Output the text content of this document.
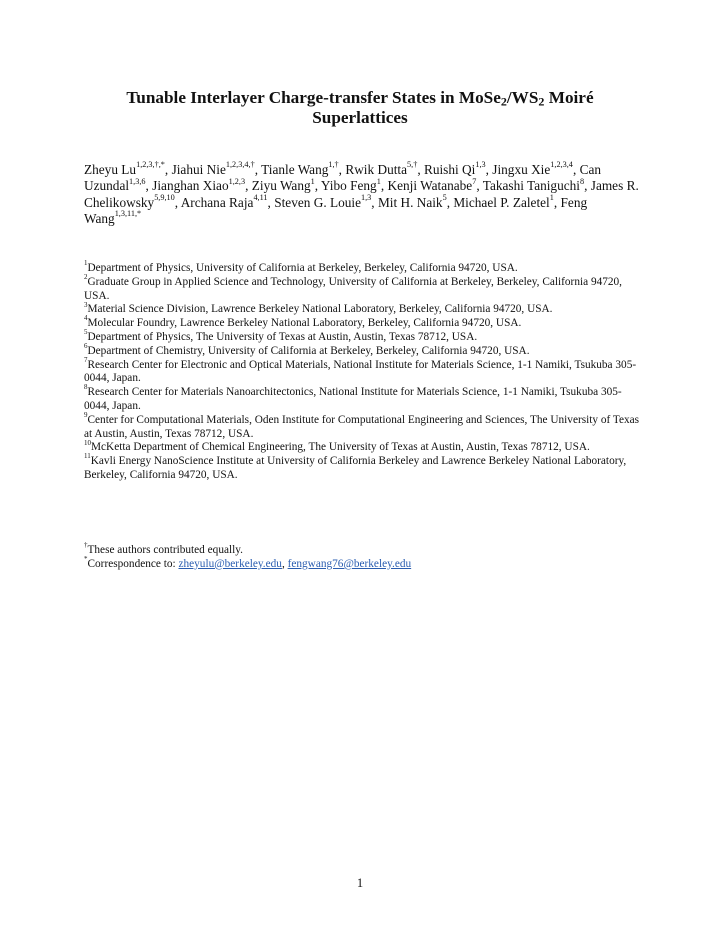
Tunable Interlayer Charge-transfer States in $MoSe_2/WS_2$ Moiré
Superlattices
Zheyu $Lu^{1,2,3,\dagger,*}$, Jiahui Nie$^{1,2,3,4,\dagger}$, Tianle Wang$^{1,\dagger}$, Rwik Dutta$^{5,\dagger}$, Ruishi Qi$^{1,3}$, Jingxu Xie$^{1,2,3,4}$, Can Uzundal$^{1,3,6}$, Jianghan Xiao$^{1,2,3}$, Ziyu Wang$^1$, Yibo Feng$^1$, Kenji Watanabe$^7$, Takashi Taniguchi$^8$, James R. Chelikowsky$^{5,9,10}$, Archana Raja$^{4,11}$, Steven G. Louie$^{1,3}$, Mit H. Naik$^5$, Michael P. Zaletel$^1$, Feng Wang$^{1,3,11,*}$
$^1$Department of Physics, University of California at Berkeley, Berkeley, California 94720, USA.
$^2$Graduate Group in Applied Science and Technology, University of California at Berkeley, Berkeley, California 94720, USA.
$^3$Material Science Division, Lawrence Berkeley National Laboratory, Berkeley, California 94720, USA.
$^4$Molecular Foundry, Lawrence Berkeley National Laboratory, Berkeley, California 94720, USA.
$^5$Department of Physics, The University of Texas at Austin, Austin, Texas 78712, USA.
$^6$Department of Chemistry, University of California at Berkeley, Berkeley, California 94720, USA.
$^7$Research Center for Electronic and Optical Materials, National Institute for Materials Science, 1-1 Namiki, Tsukuba 305-0044, Japan.
$^8$Research Center for Materials Nanoarchitectonics, National Institute for Materials Science, 1-1 Namiki, Tsukuba 305-0044, Japan.
$^9$Center for Computational Materials, Oden Institute for Computational Engineering and Sciences, The University of Texas at Austin, Austin, Texas 78712, USA.
$^{10}$McKetta Department of Chemical Engineering, The University of Texas at Austin, Austin, Texas 78712, USA.
$^{11}$Kavli Energy NanoScience Institute at University of California Berkeley and Lawrence Berkeley National Laboratory, Berkeley, California 94720, USA.
†These authors contributed equally.
*Correspondence to: zheyulu@berkeley.edu, fengwang76@berkeley.edu
1
